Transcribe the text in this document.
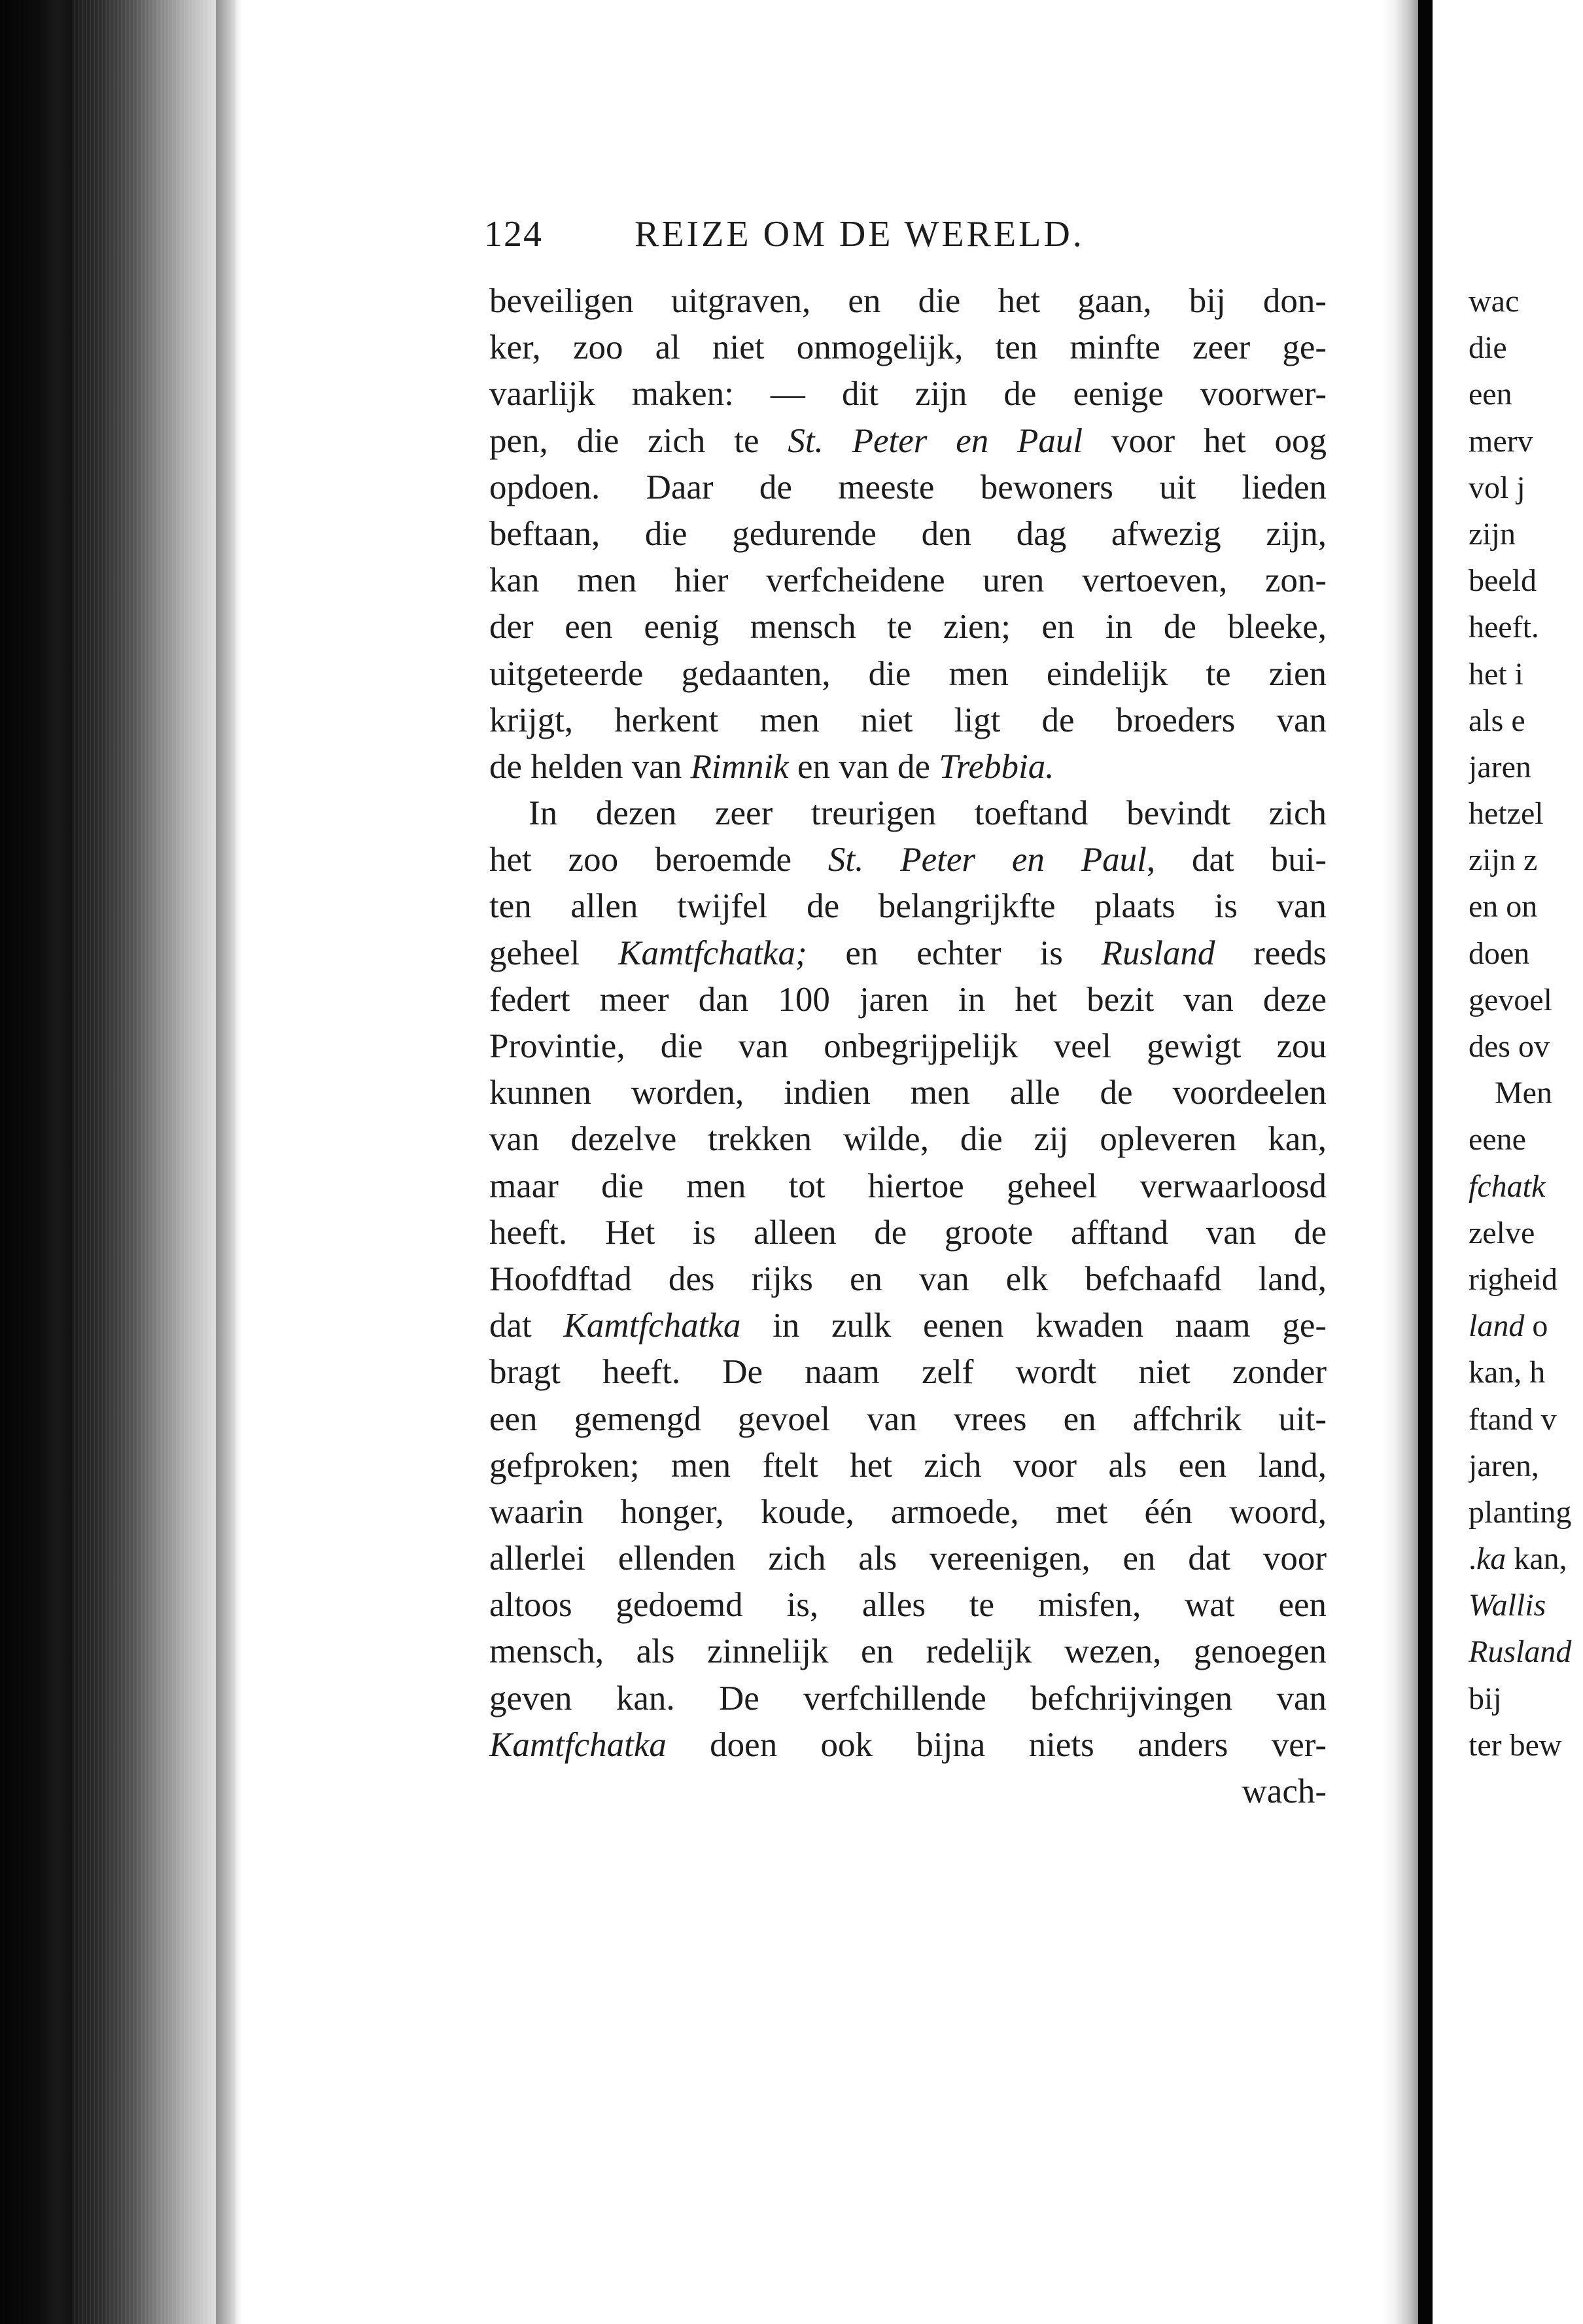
124	REIZE OM DE WERELD.
beveiligen uitgraven, en die het gaan, bij don-
ker, zoo al niet onmogelijk, ten minfte zeer ge-
vaarlijk maken: — dit zijn de eenige voorwer-
pen, die zich te St. Peter en Paul voor het oog
opdoen. Daar de meeste bewoners uit lieden
beftaan, die gedurende den dag afwezig zijn,
kan men hier verfcheidene uren vertoeven, zon-
der een eenig mensch te zien; en in de bleeke,
uitgeteerde gedaanten, die men eindelijk te zien
krijgt, herkent men niet ligt de broeders van
de helden van Rimnik en van de Trebbia.
In dezen zeer treurigen toeftand bevindt zich
het zoo beroemde St. Peter en Paul, dat bui-
ten allen twijfel de belangrijkfte plaats is van
geheel Kamtfchatka; en echter is Rusland reeds
federt meer dan 100 jaren in het bezit van deze
Provintie, die van onbegrijpelijk veel gewigt zou
kunnen worden, indien men alle de voordeelen
van dezelve trekken wilde, die zij opleveren kan,
maar die men tot hiertoe geheel verwaarloosd
heeft. Het is alleen de groote afftand van de
Hoofdftad des rijks en van elk befchaafd land,
dat Kamtfchatka in zulk eenen kwaden naam ge-
bragt heeft. De naam zelf wordt niet zonder
een gemengd gevoel van vrees en affchrik uit-
gefproken; men ftelt het zich voor als een land,
waarin honger, koude, armoede, met één woord,
allerlei ellenden zich als vereenigen, en dat voor
altoos gedoemd is, alles te misfen, wat een
mensch, als zinnelijk en redelijk wezen, genoegen
geven kan. De verfchillende befchrijvingen van
Kamtfchatka doen ook bijna niets anders ver-
wach-
wac
die
een
merv
vol j
zijn
beeld
heeft.
het i
als e
jaren
hetzel
zijn z
en on
doen
gevoel
des ov
Men
eene
fchatk
zelve
righeid
land o
kan, h
ftand v
jaren,
planting
.ka kan,
Wallis
Rusland
bij
ter bew
